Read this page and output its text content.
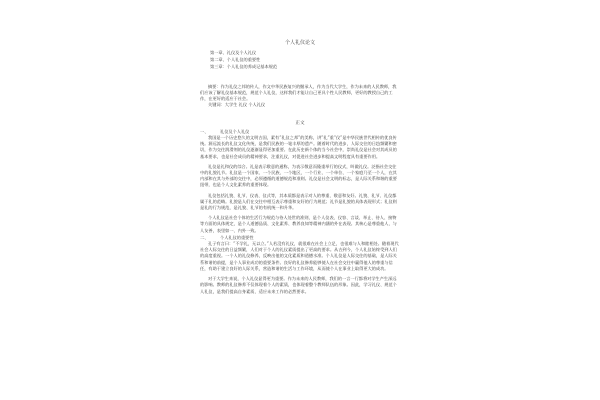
个人礼仪论文
第一章、礼仪及个人礼仪
第二章、个人礼仪的重要性
第三章：个人礼仪的养成记基本规范

摘要：作为礼仪之邦的传人，作文中华民族复兴的继承人，作为当代大学生，作为未来的人民教师，我们应该了解礼仪基本规范，规范个人礼仪，这样我们才能让自己更具个性人民教师，更好的教授自己的工作，在更好的适应于社会。

关键词：大学生 礼仪 个人礼仪
正文
一、	礼仪及个人礼仪

我国是一个历史悠久的文明古国，素有“礼仪之邦”的美称，讲“礼”重“仪”是中华民族世代相传的优良传统。源远流长的礼仪文化传统，是我们民族的一笔丰厚的遗产。随着时代的进步，人际交往的日趋频繁和密切，作为交往润滑剂的礼仪逐渐显得更加重要。在此历史新个体的当今社会中，崇尚礼仪是社会对其成员的基本要求，也是社会成员的精神要求，注重礼仪，对促进社会进步和提高文明程度具有重要作用。

礼仪是礼和仪的综合。礼是表示敬意的通称，为表示敬意而隆重举行的仪式，叫做礼仪。泛指社会交往中的礼貌礼节。礼仪是一个国家、一个民族、一个地区，一个行业、一个单位、一个家庭乃至一个人，在其内部和在其与外部的交往中，必须遵循的道德规范和准则。礼仪是社会文明的标志，是人际关系和谐的重要纽带，也是个人文化素养的重要体现。

礼仪包括礼貌、礼节、仪表、仪式等，其本质都是表示对人的尊重、敬意和友好。礼貌、礼节、礼仪都属于礼的范畴。礼貌是人们在交往中相互表示尊重和友好的行为规范；礼节是礼貌的具体表现形式；礼仪则是礼的行为规范，是礼貌、礼节的有机统一和升华。

个人礼仪是社会个体的生活行为规范与待人处世的准则，是个人仪表、仪容、言谈、举止、待人、接物等方面的具体规定，是个人道德品质、文化素养、教养良知等精神内涵的外在表现。其核心是尊重他人、与人友善，表里如一、内外一致。

二、	个人礼仪的重要性

孔子有言曰：“不学礼，无以立。”人若没有礼仪，就很难在社会上立足，也很难与人和睦相处。随着现代社会人际交往的日益频繁，人们对于个人的礼仪素质提出了更高的要求。从古到今，个人礼仪始终受到人们的高度重视。一个人的礼仪修养，反映出他的文化素质和道德水准。个人礼仪是人际交往的基础，是人际关系和谐的前提，是个人事业成功的重要条件。良好的礼仪修养能够使人在社会交往中赢得他人的尊重与信任，有助于建立良好的人际关系，营造和谐的生活与工作环境，从而使个人在事业上取得更大的成功。

对于大学生来说，个人礼仪显得更为重要。作为未来的人民教师，我们的一言一行都将对学生产生深远的影响。教师的礼仪修养不仅体现着个人的素质，也体现着整个教师队伍的形象。因此，学习礼仪、规范个人礼仪，是我们提高自身素质、适应未来工作的必然要求。
